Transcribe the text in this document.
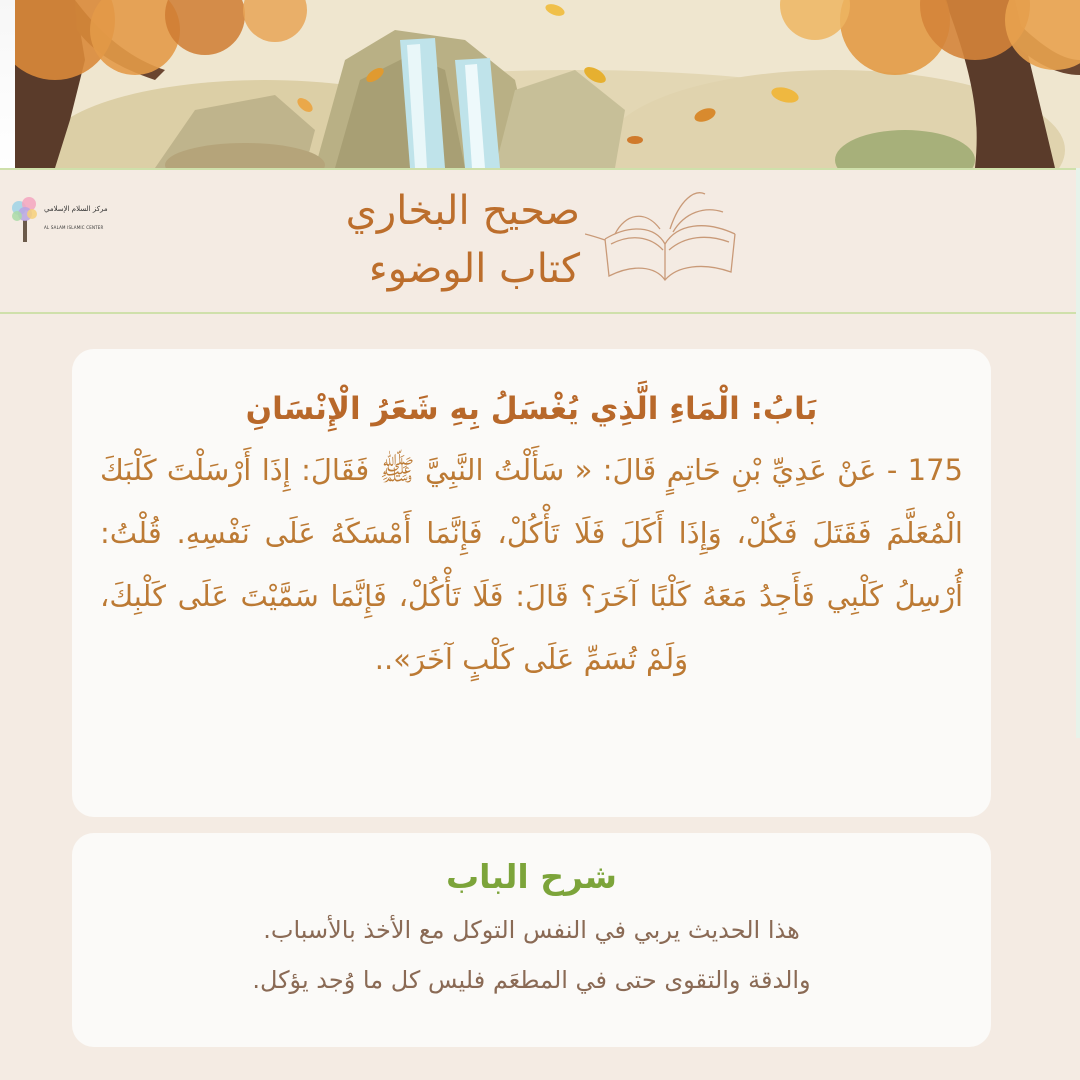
مركز السلام الإسلامي
AL SALAM ISLAMIC CENTER	صحيح البخاري
كتاب الوضوء

بَابُ: الْمَاءِ الَّذِي يُغْسَلُ بِهِ شَعَرُ الْإِنْسَانِ

175 - عَنْ عَدِيِّ بْنِ حَاتِمٍ قَالَ: « سَأَلْتُ النَّبِيَّ ﷺ فَقَالَ: إِذَا أَرْسَلْتَ كَلْبَكَ الْمُعَلَّمَ فَقَتَلَ فَكُلْ، وَإِذَا أَكَلَ فَلَا تَأْكُلْ، فَإِنَّمَا أَمْسَكَهُ عَلَى نَفْسِهِ. قُلْتُ: أُرْسِلُ كَلْبِي فَأَجِدُ مَعَهُ كَلْبًا آخَرَ؟ قَالَ: فَلَا تَأْكُلْ، فَإِنَّمَا سَمَّيْتَ عَلَى كَلْبِكَ، وَلَمْ تُسَمِّ عَلَى كَلْبٍ آخَرَ»..

شرح الباب

هذا الحديث يربي في النفس التوكل مع الأخذ بالأسباب.

والدقة والتقوى حتى في المطعَم فليس كل ما وُجد يؤكل.
